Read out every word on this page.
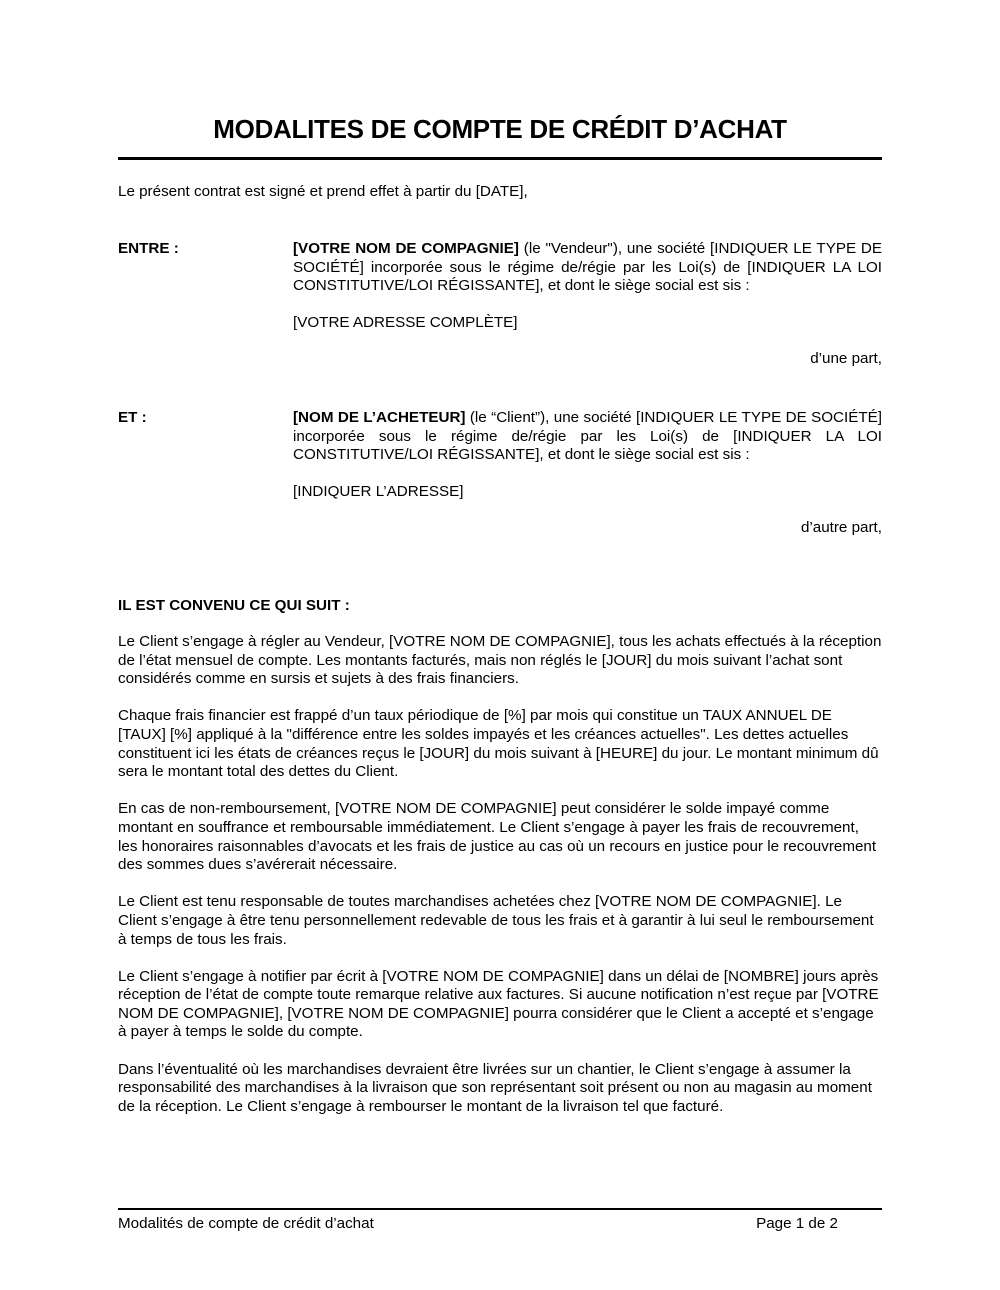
MODALITES DE COMPTE DE CRÉDIT D’ACHAT

Le présent contrat est signé et prend effet à partir du [DATE],

ENTRE :	[VOTRE NOM DE COMPAGNIE] (le "Vendeur"), une société [INDIQUER LE TYPE DE SOCIÉTÉ] incorporée sous le régime de/régie par les Loi(s) de [INDIQUER LA LOI CONSTITUTIVE/LOI RÉGISSANTE], et dont le siège social est sis :

[VOTRE ADRESSE COMPLÈTE]

d’une part,

ET :	[NOM DE L’ACHETEUR] (le “Client”), une société [INDIQUER LE TYPE DE SOCIÉTÉ] incorporée sous le régime de/régie par les Loi(s) de [INDIQUER LA LOI CONSTITUTIVE/LOI RÉGISSANTE], et dont le siège social est sis :

[INDIQUER L’ADRESSE]

d’autre part,

IL EST CONVENU CE QUI SUIT :

Le Client s’engage à régler au Vendeur, [VOTRE NOM DE COMPAGNIE], tous les achats effectués à la réception de l’état mensuel de compte. Les montants facturés, mais non réglés le [JOUR] du mois suivant l’achat sont considérés comme en sursis et sujets à des frais financiers.

Chaque frais financier est frappé d’un taux périodique de [%] par mois qui constitue un TAUX ANNUEL DE [TAUX] [%] appliqué à la "différence entre les soldes impayés et les créances actuelles". Les dettes actuelles constituent ici les états de créances reçus le [JOUR] du mois suivant à [HEURE] du jour. Le montant minimum dû sera le montant total des dettes du Client.

En cas de non-remboursement, [VOTRE NOM DE COMPAGNIE] peut considérer le solde impayé comme montant en souffrance et remboursable immédiatement. Le Client s’engage à payer les frais de recouvrement, les honoraires raisonnables d’avocats et les frais de justice au cas où un recours en justice pour le recouvrement des sommes dues s’avérerait nécessaire.

Le Client est tenu responsable de toutes marchandises achetées chez [VOTRE NOM DE COMPAGNIE]. Le Client s’engage à être tenu personnellement redevable de tous les frais et à garantir à lui seul le remboursement à temps de tous les frais.

Le Client s’engage à notifier par écrit à [VOTRE NOM DE COMPAGNIE] dans un délai de [NOMBRE] jours après réception de l’état de compte toute remarque relative aux factures. Si aucune notification n’est reçue par [VOTRE NOM DE COMPAGNIE], [VOTRE NOM DE COMPAGNIE] pourra considérer que le Client a accepté et s’engage à payer à temps le solde du compte.

Dans l’éventualité où les marchandises devraient être livrées sur un chantier, le Client s’engage à assumer la responsabilité des marchandises à la livraison que son représentant soit présent ou non au magasin au moment de la réception. Le Client s’engage à rembourser le montant de la livraison tel que facturé.

Modalités de compte de crédit d’achat	Page 1 de 2
